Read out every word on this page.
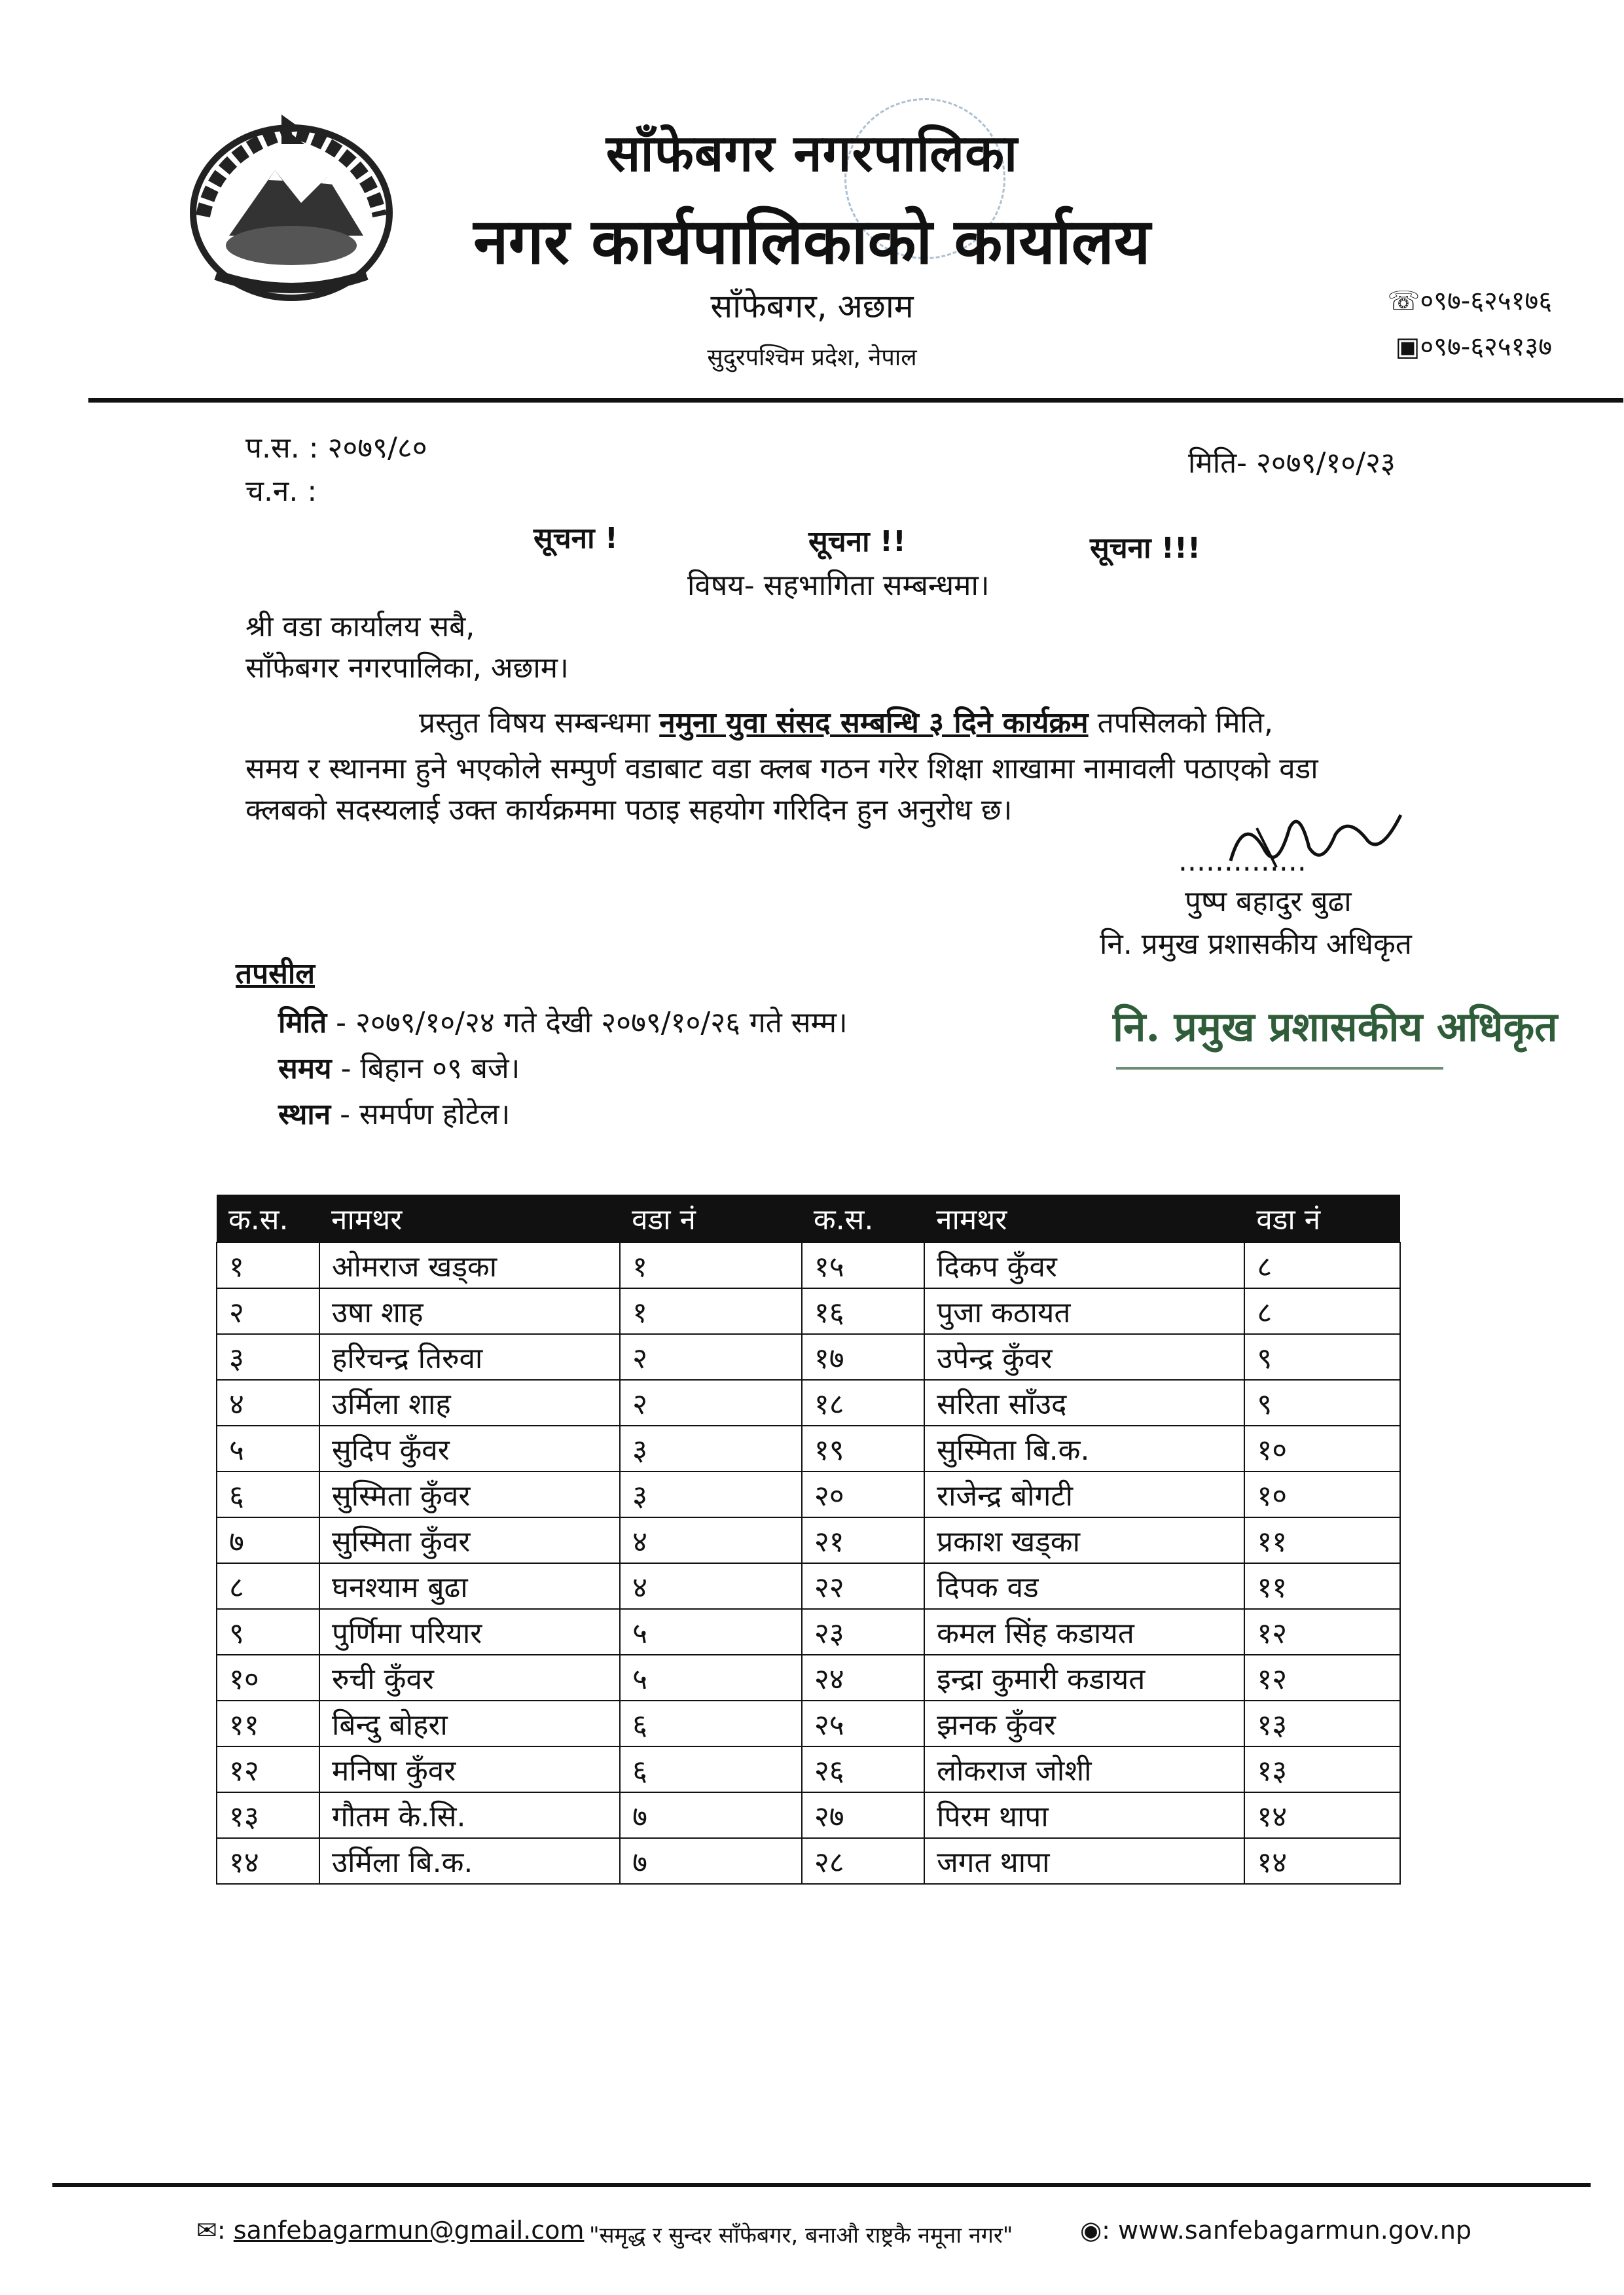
साँफेबगर नगरपालिका
नगर कार्यपालिकाको कार्यालय
साँफेबगर, अछाम
सुदुरपश्चिम प्रदेश, नेपाल
☏०९७-६२५१७६
▣०९७-६२५१३७
प.स. : २०७९/८०
च.न. :
मिति- २०७९/१०/२३
सूचना !	सूचना !!	सूचना !!!
विषय- सहभागिता सम्बन्धमा।
श्री वडा कार्यालय सबै,
साँफेबगर नगरपालिका, अछाम।
प्रस्तुत विषय सम्बन्धमा नमुना युवा संसद सम्बन्धि ३ दिने कार्यक्रम तपसिलको मिति,
समय र स्थानमा हुने भएकोले सम्पुर्ण वडाबाट वडा क्लब गठन गरेर शिक्षा शाखामा नामावली पठाएको वडा
क्लबको सदस्यलाई उक्त कार्यक्रममा पठाइ सहयोग गरिदिन हुन अनुरोध छ।
..............
पुष्प बहादुर बुढा
नि. प्रमुख प्रशासकीय अधिकृत
तपसील
मिति - २०७९/१०/२४ गते देखी २०७९/१०/२६ गते सम्म।
समय - बिहान ०९ बजे।
स्थान - समर्पण होटेल।
नि. प्रमुख प्रशासकीय अधिकृत
क.स.	नामथर	वडा नं	क.स.	नामथर	वडा नं
१	ओमराज खड्का	१	१५	दिकप कुँवर	८
२	उषा शाह	१	१६	पुजा कठायत	८
३	हरिचन्द्र तिरुवा	२	१७	उपेन्द्र कुँवर	९
४	उर्मिला शाह	२	१८	सरिता साँउद	९
५	सुदिप कुँवर	३	१९	सुस्मिता बि.क.	१०
६	सुस्मिता कुँवर	३	२०	राजेन्द्र बोगटी	१०
७	सुस्मिता कुँवर	४	२१	प्रकाश खड्का	११
८	घनश्याम बुढा	४	२२	दिपक वड	११
९	पुर्णिमा परियार	५	२३	कमल सिंह कडायत	१२
१०	रुची कुँवर	५	२४	इन्द्रा कुमारी कडायत	१२
११	बिन्दु बोहरा	६	२५	झनक कुँवर	१३
१२	मनिषा कुँवर	६	२६	लोकराज जोशी	१३
१३	गौतम के.सि.	७	२७	पिरम थापा	१४
१४	उर्मिला बि.क.	७	२८	जगत थापा	१४
✉: sanfebagarmun@gmail.com "समृद्ध र सुन्दर साँफेबगर, बनाऔ राष्ट्रकै नमूना नगर"	◉: www.sanfebagarmun.gov.np
